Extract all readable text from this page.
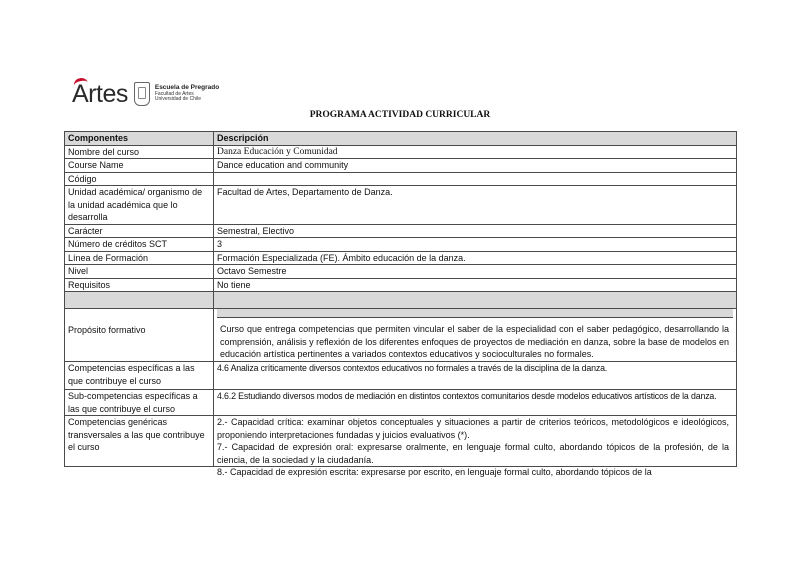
Artes	Escuela de Pregrado
Facultad de Artes
Universidad de Chile
PROGRAMA ACTIVIDAD CURRICULAR
Componentes	Descripción
Nombre del curso	Danza Educación y Comunidad
Course Name	Dance education and community
Código	
Unidad académica/ organismo de la unidad académica que lo desarrolla	Facultad de Artes, Departamento de Danza.
Carácter	Semestral, Electivo
Número de créditos SCT	3
Línea de Formación	Formación Especializada (FE). Ámbito educación de la danza.
Nivel	Octavo Semestre
Requisitos	No tiene

Propósito formativo	Curso que entrega competencias que permiten vincular el saber de la especialidad con el saber pedagógico, desarrollando la comprensión, análisis y reflexión de los diferentes enfoques de proyectos de mediación en danza, sobre la base de modelos en educación artística pertinentes a variados contextos educativos y socioculturales no formales.

Competencias específicas a las que contribuye el curso	4.6 Analiza críticamente diversos contextos educativos no formales a través de la disciplina de la danza.
Sub-competencias específicas a las que contribuye el curso	4.6.2 Estudiando diversos modos de mediación en distintos contextos comunitarios desde modelos educativos artísticos de la danza.
Competencias genéricas transversales a las que contribuye el curso	2.- Capacidad crítica: examinar objetos conceptuales y situaciones a partir de criterios teóricos, metodológicos e ideológicos, proponiendo interpretaciones fundadas y juicios evaluativos (*).
7.- Capacidad de expresión oral: expresarse oralmente, en lenguaje formal culto, abordando tópicos de la profesión, de la ciencia, de la sociedad y la ciudadanía.
8.- Capacidad de expresión escrita: expresarse por escrito, en lenguaje formal culto, abordando tópicos de la
